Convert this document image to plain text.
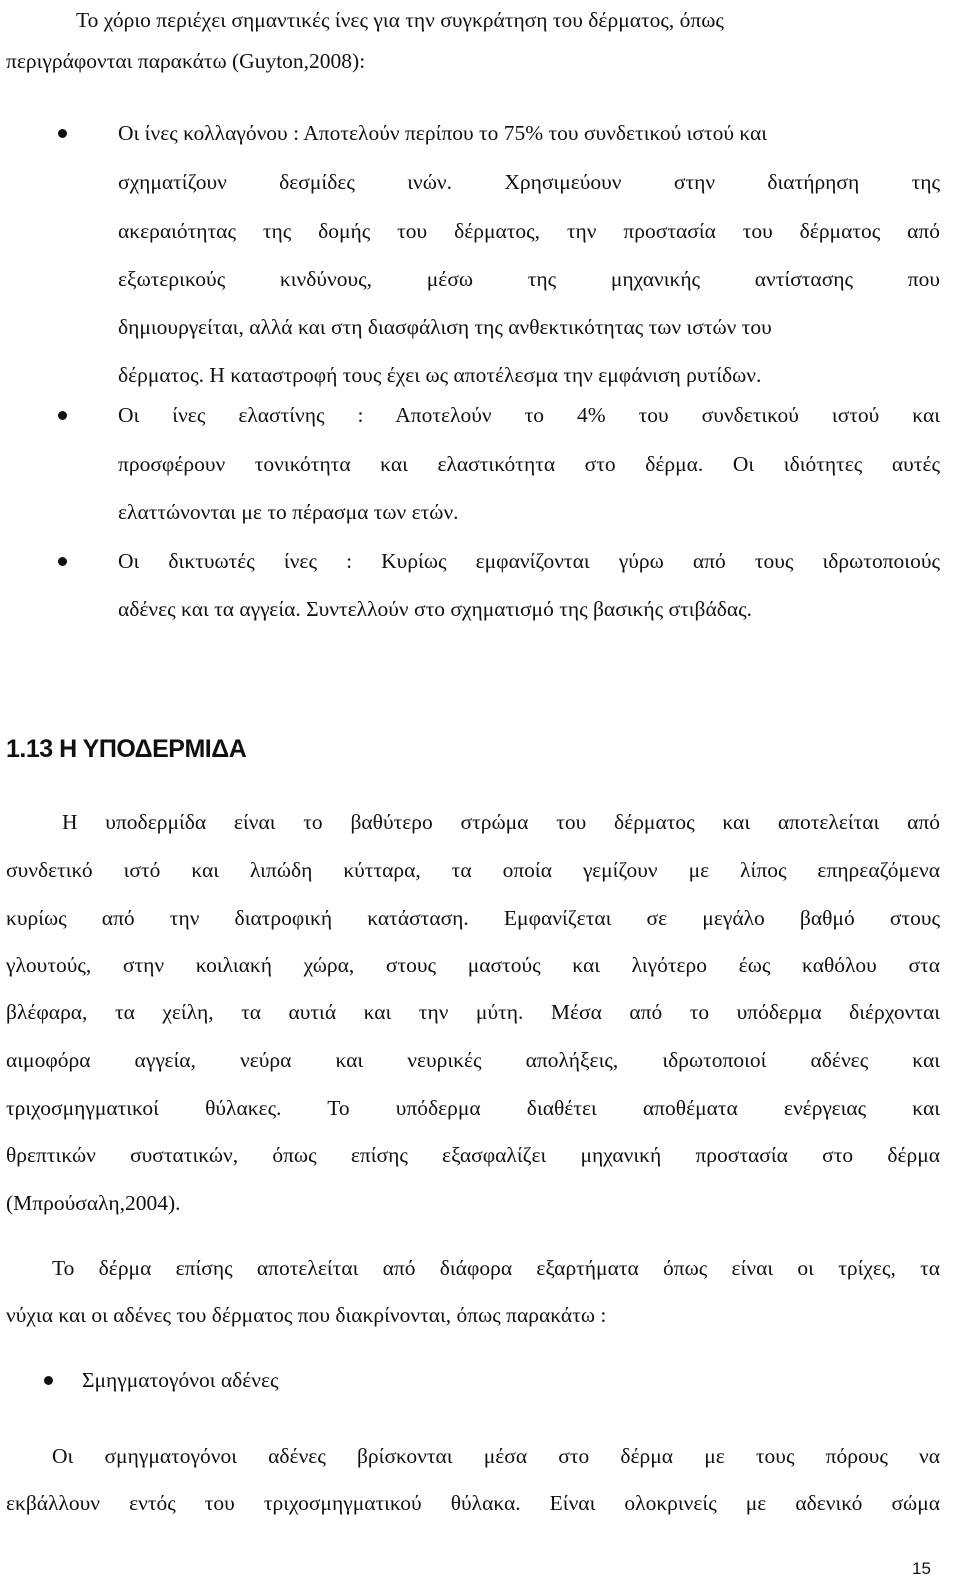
Το χόριο περιέχει σημαντικές ίνες για την συγκράτηση του δέρματος, όπως
περιγράφονται παρακάτω (Guyton,2008):
Οι ίνες κολλαγόνου : Αποτελούν περίπου το 75% του συνδετικού ιστού και
σχηματίζουν δεσμίδες ινών. Χρησιμεύουν στην διατήρηση της
ακεραιότητας της δομής του δέρματος, την προστασία του δέρματος από
εξωτερικούς κινδύνους, μέσω της μηχανικής αντίστασης που
δημιουργείται, αλλά και στη διασφάλιση της ανθεκτικότητας των ιστών του
δέρματος. Η καταστροφή τους έχει ως αποτέλεσμα την εμφάνιση ρυτίδων.
Οι ίνες ελαστίνης : Αποτελούν το 4% του συνδετικού ιστού και
προσφέρουν τονικότητα και ελαστικότητα στο δέρμα. Οι ιδιότητες αυτές
ελαττώνονται με το πέρασμα των ετών.
Οι δικτυωτές ίνες : Κυρίως εμφανίζονται γύρω από τους ιδρωτοποιούς
αδένες και τα αγγεία. Συντελλούν στο σχηματισμό της βασικής στιβάδας.
1.13 Η ΥΠΟΔΕΡΜΙΔΑ
Η υποδερμίδα είναι το βαθύτερο στρώμα του δέρματος και αποτελείται από
συνδετικό ιστό και λιπώδη κύτταρα, τα οποία γεμίζουν με λίπος επηρεαζόμενα
κυρίως από την διατροφική κατάσταση. Εμφανίζεται σε μεγάλο βαθμό στους
γλουτούς, στην κοιλιακή χώρα, στους μαστούς και λιγότερο έως καθόλου στα
βλέφαρα, τα χείλη, τα αυτιά και την μύτη. Μέσα από το υπόδερμα διέρχονται
αιμοφόρα αγγεία, νεύρα και νευρικές απολήξεις, ιδρωτοποιοί αδένες και
τριχοσμηγματικοί θύλακες. Το υπόδερμα διαθέτει αποθέματα ενέργειας και
θρεπτικών συστατικών, όπως επίσης εξασφαλίζει μηχανική προστασία στο δέρμα
(Μπρούσαλη,2004).
Το δέρμα επίσης αποτελείται από διάφορα εξαρτήματα όπως είναι οι τρίχες, τα
νύχια και οι αδένες του δέρματος που διακρίνονται, όπως παρακάτω :
Σμηγματογόνοι αδένες
Οι σμηγματογόνοι αδένες βρίσκονται μέσα στο δέρμα με τους πόρους να
εκβάλλουν εντός του τριχοσμηγματικού θύλακα. Είναι ολοκρινείς με αδενικό σώμα
15
